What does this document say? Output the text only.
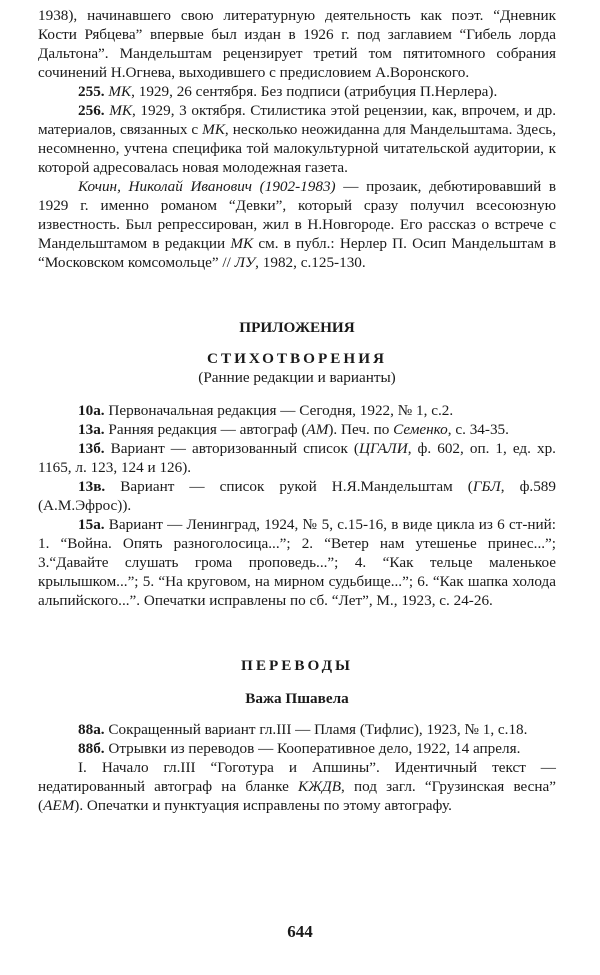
1938), начинавшего свою литературную деятельность как поэт. “Дневник Кости Рябцева” впервые был издан в 1926 г. под заглавием “Гибель лорда Дальтона”. Мандельштам рецензирует третий том пятитомного собрания сочинений Н.Огнева, выходившего с предисловием А.Воронского.

255. МК, 1929, 26 сентября. Без подписи (атрибуция П.Нерлера).

256. МК, 1929, 3 октября. Стилистика этой рецензии, как, впрочем, и др. материалов, связанных с МК, несколько неожиданна для Мандельштама. Здесь, несомненно, учтена специфика той малокультурной читательской аудитории, к которой адресовалась новая молодежная газета.

Кочин, Николай Иванович (1902-1983) — прозаик, дебютировавший в 1929 г. именно романом “Девки”, который сразу получил всесоюзную известность. Был репрессирован, жил в Н.Новгороде. Его рассказ о встрече с Мандельштамом в редакции МК см. в публ.: Нерлер П. Осип Мандельштам в “Московском комсомольце” // ЛУ, 1982, с.125-130.

ПРИЛОЖЕНИЯ

СТИХОТВОРЕНИЯ

(Ранние редакции и варианты)

10а. Первоначальная редакция — Сегодня, 1922, № 1, с.2.

13а. Ранняя редакция — автограф (АМ). Печ. по Семенко, с. 34-35.

13б. Вариант — авторизованный список (ЦГАЛИ, ф. 602, оп. 1, ед. хр. 1165, л. 123, 124 и 126).

13в. Вариант — список рукой Н.Я.Мандельштам (ГБЛ, ф.589 (А.М.Эфрос)).

15а. Вариант — Ленинград, 1924, № 5, с.15-16, в виде цикла из 6 ст-ний: 1. “Война. Опять разноголосица...”; 2. “Ветер нам утешенье принес...”; 3.“Давайте слушать грома проповедь...”; 4. “Как тельце маленькое крылышком...”; 5. “На круговом, на мирном судьбище...”; 6. “Как шапка холода альпийского...”. Опечатки исправлены по сб. “Лет”, М., 1923, с. 24-26.

ПЕРЕВОДЫ

Важа Пшавела

88а. Сокращенный вариант гл.III — Пламя (Тифлис), 1923, № 1, с.18.

88б. Отрывки из переводов — Кооперативное дело, 1922, 14 апреля.

I. Начало гл.III “Гоготура и Апшины”. Идентичный текст — недатированный автограф на бланке КЖДВ, под загл. “Грузинская весна” (АЕМ). Опечатки и пунктуация исправлены по этому автографу.

644
